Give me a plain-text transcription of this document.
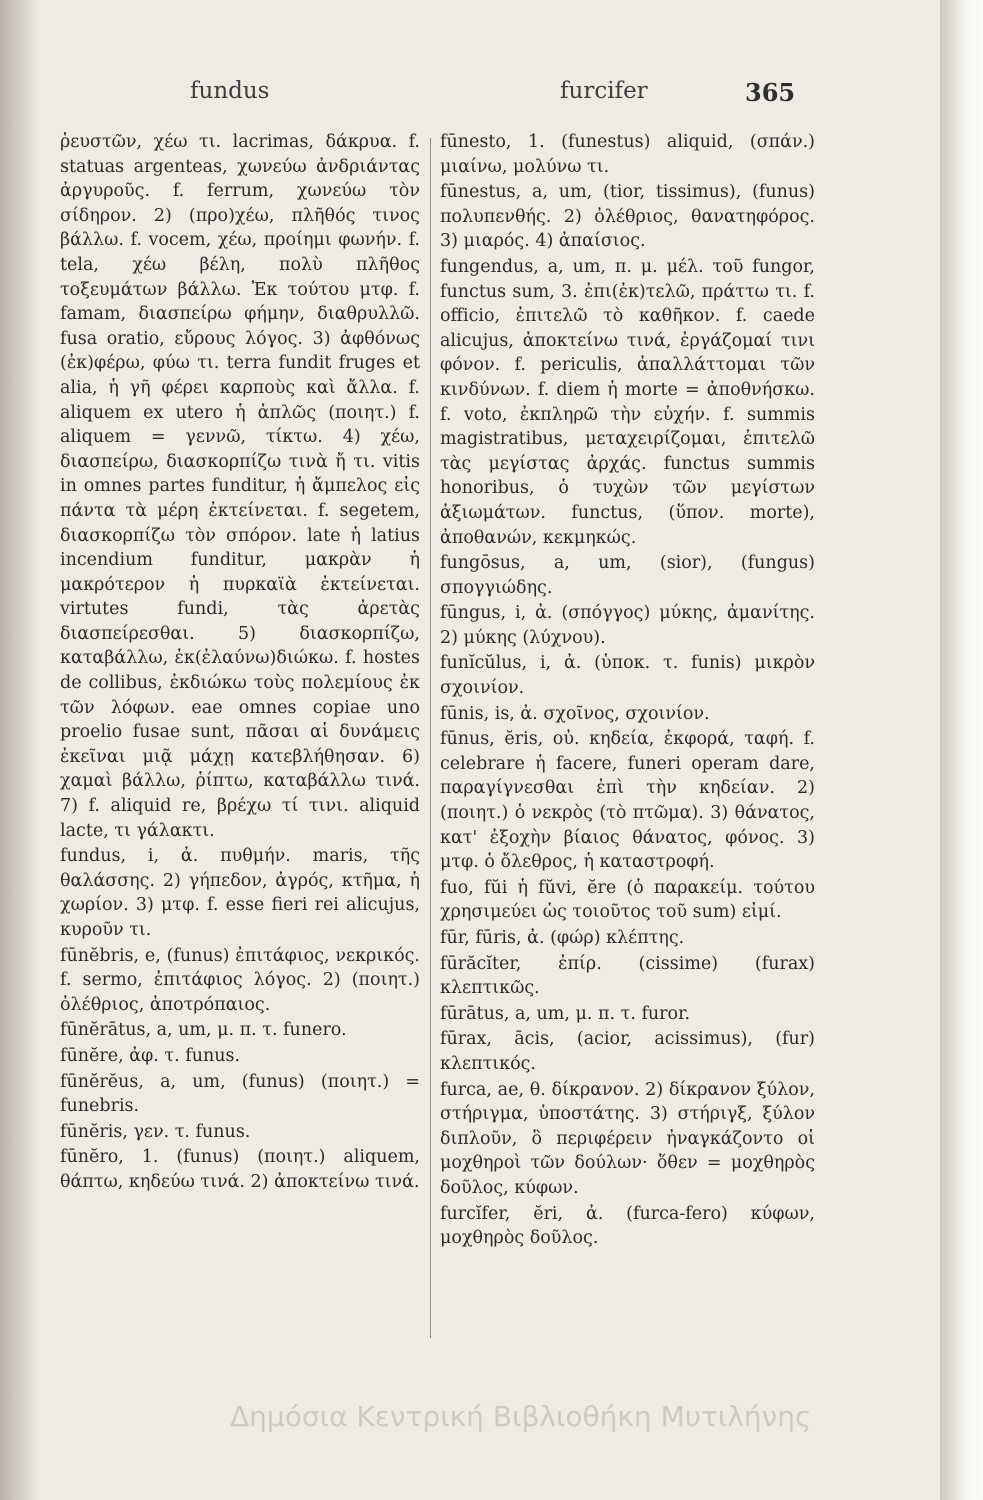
fundus	furcifer	365

ῥευστῶν, χέω τι. lacrimas, δάκρυα. f. statuas argenteas, χωνεύω ἀνδριάντας ἀργυροῦς. f. ferrum, χωνεύω τὸν σίδηρον. 2) (προ)χέω, πλῆθός τινος βάλλω. f. vocem, χέω, προίημι φωνήν. f. tela, χέω βέλη, πολὺ πλῆθος τοξευμάτων βάλλω. Ἐκ τούτου μτφ. f. famam, διασπείρω φήμην, διαθρυλλῶ. fusa oratio, εὔρους λόγος. 3) ἀφθόνως (ἐκ)φέρω, φύω τι. terra fundit fruges et alia, ἡ γῆ φέρει καρποὺς καὶ ἄλλα. f. aliquem ex utero ἡ ἁπλῶς (ποιητ.) f. aliquem = γεννῶ, τίκτω. 4) χέω, διασπείρω, διασκορπίζω τινὰ ἤ τι. vitis in omnes partes funditur, ἡ ἄμπελος εἰς πάντα τὰ μέρη ἐκτείνεται. f. segetem, διασκορπίζω τὸν σπόρον. late ἡ latius incendium funditur, μακρὰν ἡ μακρότερον ἡ πυρκαϊὰ ἐκτείνεται. virtutes fundi, τὰς ἀρετὰς διασπείρεσθαι. 5) διασκορπίζω, καταβάλλω, ἐκ(ἐλαύνω)διώκω. f. hostes de collibus, ἐκδιώκω τοὺς πολεμίους ἐκ τῶν λόφων. eae omnes copiae uno proelio fusae sunt, πᾶσαι αἱ δυνάμεις ἐκεῖναι μιᾷ μάχῃ κατεβλήθησαν. 6) χαμαὶ βάλλω, ῥίπτω, καταβάλλω τινά. 7) f. aliquid re, βρέχω τί τινι. aliquid lacte, τι γάλακτι.

fundus, i, ἀ. πυθμήν. maris, τῆς θαλάσσης. 2) γήπεδον, ἀγρός, κτῆμα, ἡ χωρίον. 3) μτφ. f. esse fieri rei alicujus, κυροῦν τι.

fūnĕbris, e, (funus) ἐπιτάφιος, νεκρικός. f. sermo, ἐπιτάφιος λόγος. 2) (ποιητ.) ὀλέθριος, ἀποτρόπαιος.

fūnĕrātus, a, um, μ. π. τ. funero.

fūnĕre, ἀφ. τ. funus.

fūnĕrĕus, a, um, (funus) (ποιητ.) = funebris.

fūnĕris, γεν. τ. funus.

fūnĕro, 1. (funus) (ποιητ.) aliquem, θάπτω, κηδεύω τινά. 2) ἀποκτείνω τινά.

fūnesto, 1. (funestus) aliquid, (σπάν.) μιαίνω, μολύνω τι.

fūnestus, a, um, (tior, tissimus), (funus) πολυπενθής. 2) ὀλέθριος, θανατηφόρος. 3) μιαρός. 4) ἀπαίσιος.

fungendus, a, um, π. μ. μέλ. τοῦ fungor, functus sum, 3. ἐπι(ἐκ)τελῶ, πράττω τι. f. officio, ἐπιτελῶ τὸ καθῆκον. f. caede alicujus, ἀποκτείνω τινά, ἐργάζομαί τινι φόνον. f. periculis, ἀπαλλάττομαι τῶν κινδύνων. f. diem ἡ morte = ἀποθνήσκω. f. voto, ἐκπληρῶ τὴν εὐχήν. f. summis magistratibus, μεταχειρίζομαι, ἐπιτελῶ τὰς μεγίστας ἀρχάς. functus summis honoribus, ὁ τυχὼν τῶν μεγίστων ἀξιωμάτων. functus, (ὕπον. morte), ἀποθανών, κεκμηκώς.

fungōsus, a, um, (sior), (fungus) σπογγιώδης.

fūngus, i, ἀ. (σπόγγος) μύκης, ἀμανίτης. 2) μύκης (λύχνου).

funĭcŭlus, i, ἀ. (ὑποκ. τ. funis) μικρὸν σχοινίον.

fūnis, is, ἀ. σχοῖνος, σχοινίον.

fūnus, ĕris, οὐ. κηδεία, ἐκφορά, ταφή. f. celebrare ἡ facere, funeri operam dare, παραγίγνεσθαι ἐπὶ τὴν κηδείαν. 2) (ποιητ.) ὁ νεκρὸς (τὸ πτῶμα). 3) θάνατος, κατ' ἐξοχὴν βίαιος θάνατος, φόνος. 3) μτφ. ὁ ὄλεθρος, ἡ καταστροφή.

fuo, fŭi ἡ fŭvi, ĕre (ὁ παρακείμ. τούτου χρησιμεύει ὡς τοιοῦτος τοῦ sum) εἰμί.

fūr, fūris, ἀ. (φώρ) κλέπτης.

fūrăcĭter, ἐπίρ. (cissime) (furax) κλεπτικῶς.

fūrātus, a, um, μ. π. τ. furor.

fūrax, ācis, (acior, acissimus), (fur) κλεπτικός.

furca, ae, θ. δίκρανον. 2) δίκρανον ξύλον, στήριγμα, ὑποστάτης. 3) στήριγξ, ξύλον διπλοῦν, ὃ περιφέρειν ἠναγκάζοντο οἱ μοχθηροὶ τῶν δούλων· ὅθεν = μοχθηρὸς δοῦλος, κύφων.

furcĭfer, ĕri, ἀ. (furca-fero) κύφων, μοχθηρὸς δοῦλος.

Δημόσια Κεντρική Βιβλιοθήκη Μυτιλήνης
